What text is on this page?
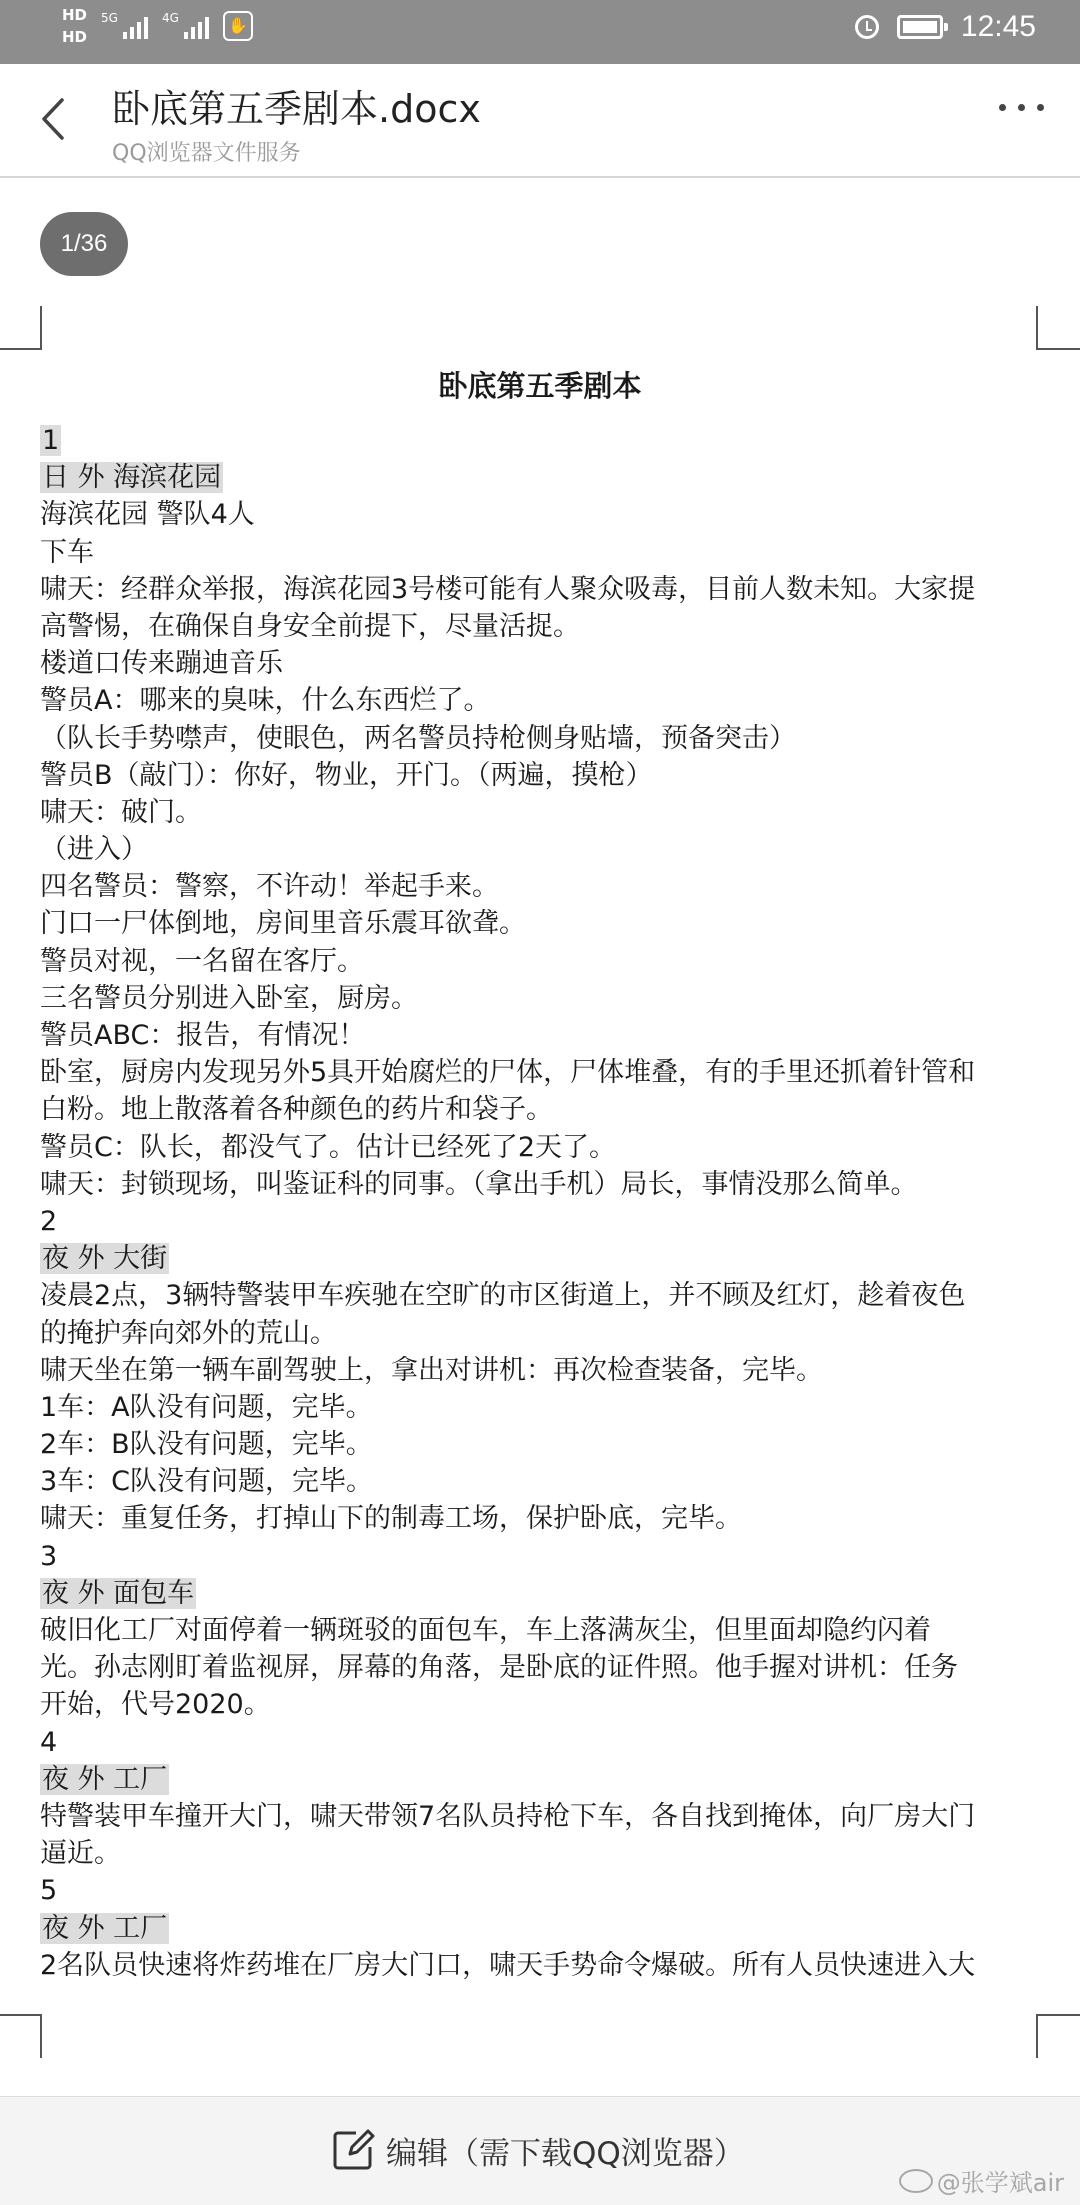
HD
HD
5G	4G	✋	12:45
卧底第五季剧本.docx
QQ浏览器文件服务
1/36
卧底第五季剧本
1
日 外 海滨花园
海滨花园 警队4人
下车
啸天：经群众举报，海滨花园3号楼可能有人聚众吸毒，目前人数未知。大家提
高警惕，在确保自身安全前提下，尽量活捉。
楼道口传来蹦迪音乐
警员A：哪来的臭味，什么东西烂了。
（队长手势噤声，使眼色，两名警员持枪侧身贴墙，预备突击）
警员B（敲门）：你好，物业，开门。（两遍，摸枪）
啸天：破门。
（进入）
四名警员：警察，不许动！举起手来。
门口一尸体倒地，房间里音乐震耳欲聋。
警员对视，一名留在客厅。
三名警员分别进入卧室，厨房。
警员ABC：报告，有情况！
卧室，厨房内发现另外5具开始腐烂的尸体，尸体堆叠，有的手里还抓着针管和
白粉。地上散落着各种颜色的药片和袋子。
警员C：队长，都没气了。估计已经死了2天了。
啸天：封锁现场，叫鉴证科的同事。（拿出手机）局长，事情没那么简单。
2
夜 外 大街
凌晨2点，3辆特警装甲车疾驰在空旷的市区街道上，并不顾及红灯，趁着夜色
的掩护奔向郊外的荒山。
啸天坐在第一辆车副驾驶上，拿出对讲机：再次检查装备，完毕。
1车：A队没有问题，完毕。
2车：B队没有问题，完毕。
3车：C队没有问题，完毕。
啸天：重复任务，打掉山下的制毒工场，保护卧底，完毕。
3
夜 外 面包车
破旧化工厂对面停着一辆斑驳的面包车，车上落满灰尘，但里面却隐约闪着
光。孙志刚盯着监视屏，屏幕的角落，是卧底的证件照。他手握对讲机：任务
开始，代号2020。
4
夜 外 工厂
特警装甲车撞开大门，啸天带领7名队员持枪下车，各自找到掩体，向厂房大门
逼近。
5
夜 外 工厂
2名队员快速将炸药堆在厂房大门口，啸天手势命令爆破。所有人员快速进入大
编辑（需下载QQ浏览器）
@张学斌air
